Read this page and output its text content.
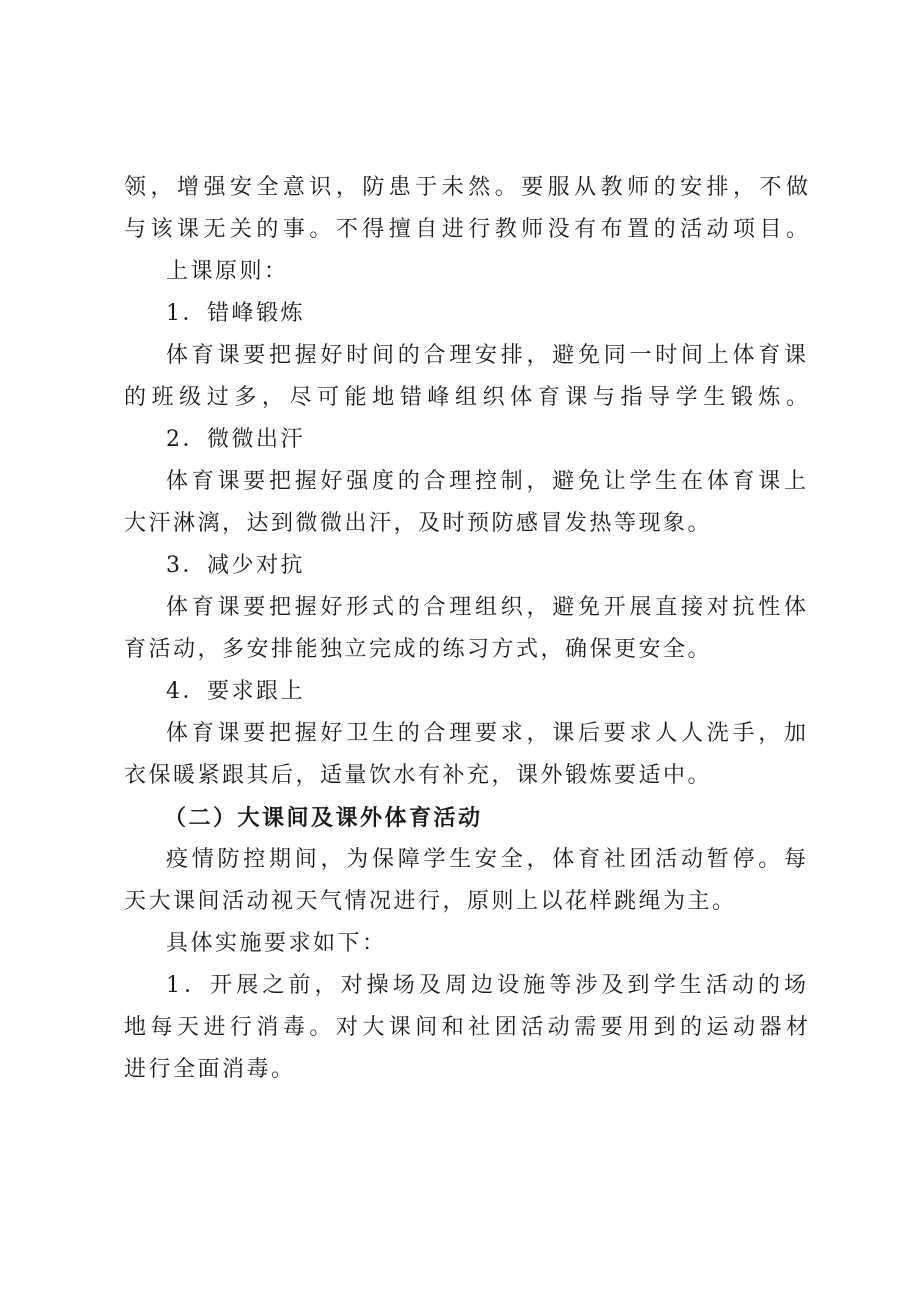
领，增强安全意识，防患于未然。要服从教师的安排，不做
与该课无关的事。不得擅自进行教师没有布置的活动项目。
上课原则：
1．错峰锻炼
体育课要把握好时间的合理安排，避免同一时间上体育课
的班级过多，尽可能地错峰组织体育课与指导学生锻炼。
2．微微出汗
体育课要把握好强度的合理控制，避免让学生在体育课上
大汗淋漓，达到微微出汗，及时预防感冒发热等现象。
3．减少对抗
体育课要把握好形式的合理组织，避免开展直接对抗性体
育活动，多安排能独立完成的练习方式，确保更安全。
4．要求跟上
体育课要把握好卫生的合理要求，课后要求人人洗手，加
衣保暖紧跟其后，适量饮水有补充，课外锻炼要适中。
（二）大课间及课外体育活动
疫情防控期间，为保障学生安全，体育社团活动暂停。每
天大课间活动视天气情况进行，原则上以花样跳绳为主。
具体实施要求如下：
1．开展之前，对操场及周边设施等涉及到学生活动的场
地每天进行消毒。对大课间和社团活动需要用到的运动器材
进行全面消毒。
